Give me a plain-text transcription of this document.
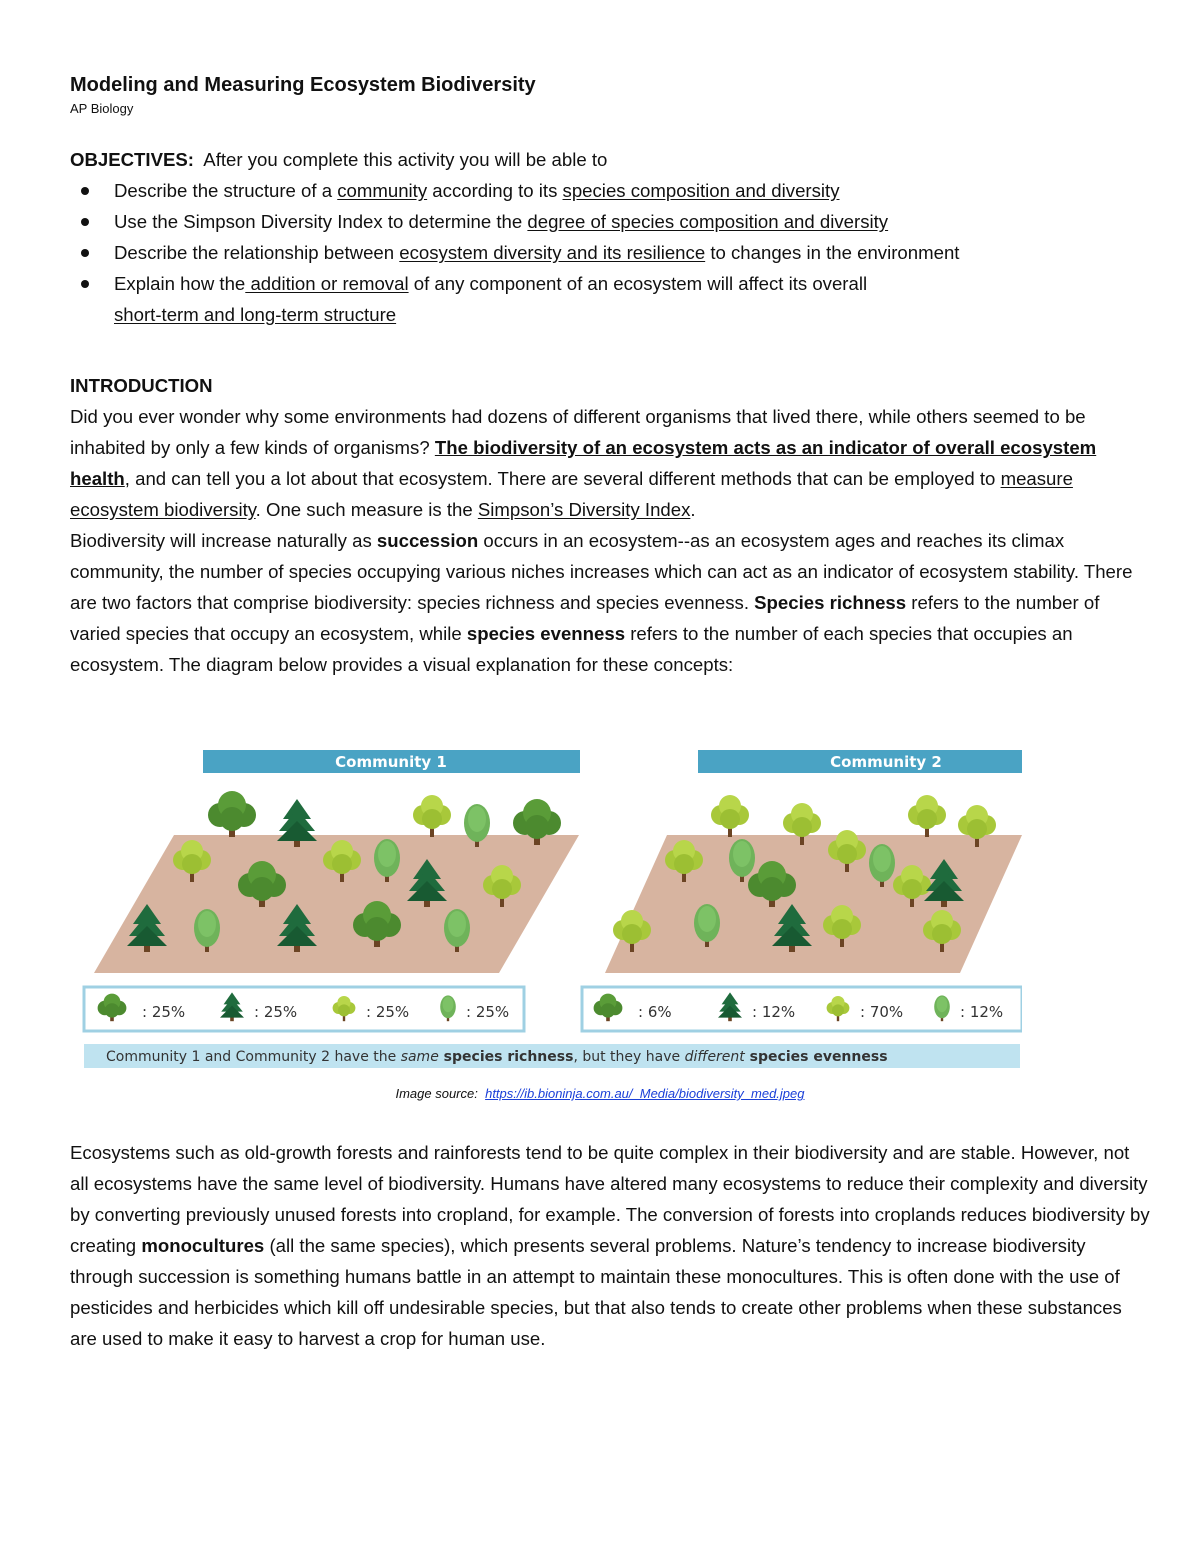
Modeling and Measuring Ecosystem Biodiversity
AP Biology
OBJECTIVES: After you complete this activity you will be able to
Describe the structure of a community according to its species composition and diversity
Use the Simpson Diversity Index to determine the degree of species composition and diversity
Describe the relationship between ecosystem diversity and its resilience to changes in the environment
Explain how the addition or removal of any component of an ecosystem will affect its overall
short-term and long-term structure
INTRODUCTION
Did you ever wonder why some environments had dozens of different organisms that lived there, while others seemed to be inhabited by only a few kinds of organisms? The biodiversity of an ecosystem acts as an indicator of overall ecosystem health, and can tell you a lot about that ecosystem. There are several different methods that can be employed to measure ecosystem biodiversity. One such measure is the Simpson’s Diversity Index.
Biodiversity will increase naturally as succession occurs in an ecosystem--as an ecosystem ages and reaches its climax community, the number of species occupying various niches increases which can act as an indicator of ecosystem stability. There are two factors that comprise biodiversity: species richness and species evenness. Species richness refers to the number of varied species that occupy an ecosystem, while species evenness refers to the number of each species that occupies an ecosystem. The diagram below provides a visual explanation for these concepts:
Community 1	Community 2
: 25%	: 25%	: 25%	: 25%	: 6%	: 12%	: 70%	: 12%
Community 1 and Community 2 have the same species richness, but they have different species evenness
Image source: https://ib.bioninja.com.au/_Media/biodiversity_med.jpeg
Ecosystems such as old-growth forests and rainforests tend to be quite complex in their biodiversity and are stable. However, not all ecosystems have the same level of biodiversity. Humans have altered many ecosystems to reduce their complexity and diversity by converting previously unused forests into cropland, for example. The conversion of forests into croplands reduces biodiversity by creating monocultures (all the same species), which presents several problems. Nature’s tendency to increase biodiversity through succession is something humans battle in an attempt to maintain these monocultures. This is often done with the use of pesticides and herbicides which kill off undesirable species, but that also tends to create other problems when these substances are used to make it easy to harvest a crop for human use.
